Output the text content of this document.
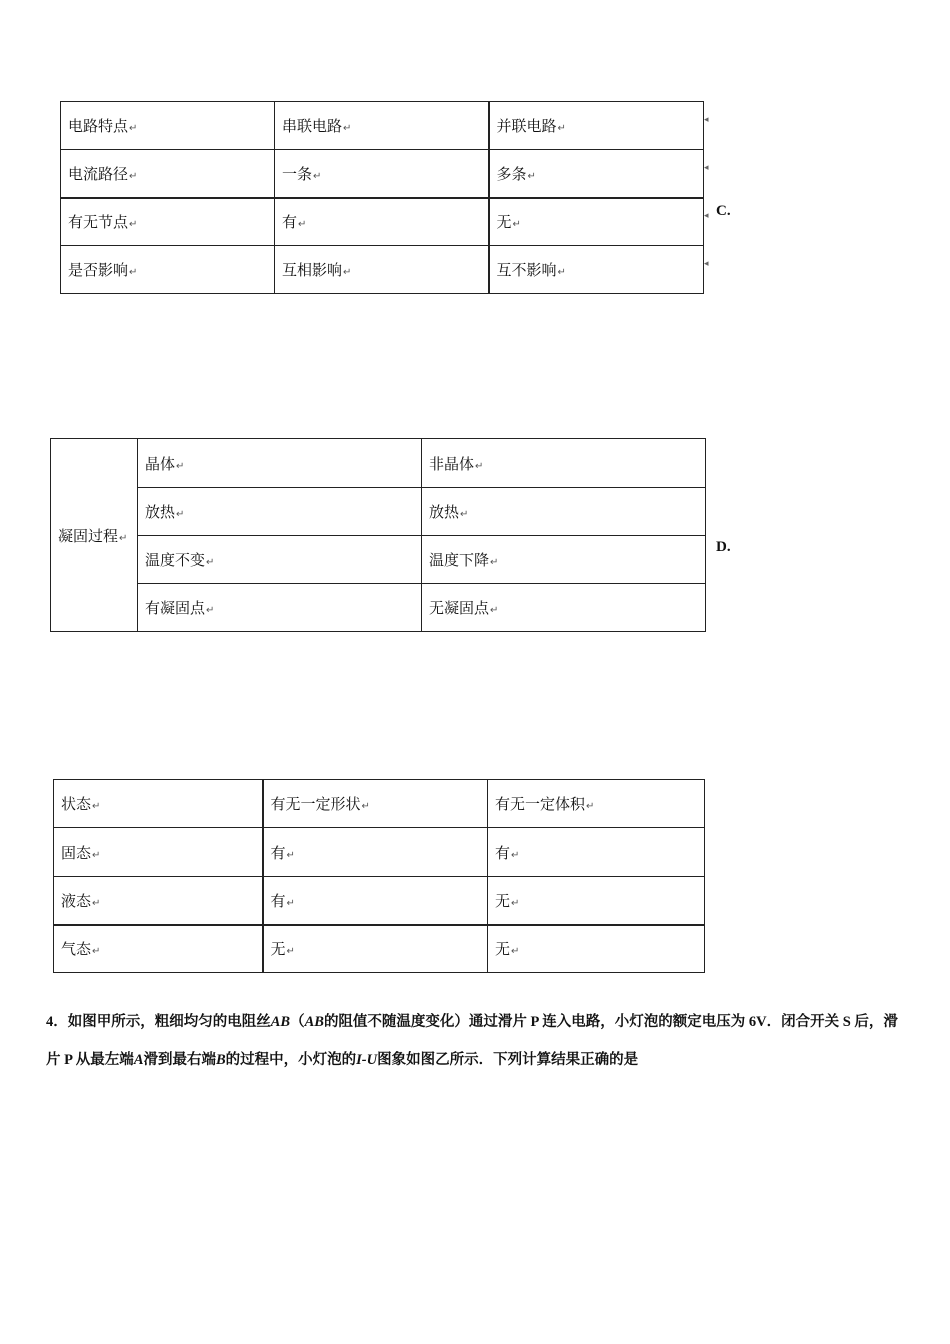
电路特点↵	串联电路↵	并联电路↵
电流路径↵	一条↵	多条↵
有无节点↵	有↵	无↵
是否影响↵	互相影响↵	互不影响↵
◂
◂
◂
◂
C.
凝固过程↵	晶体↵	非晶体↵
	放热↵	放热↵
	温度不变↵	温度下降↵
	有凝固点↵	无凝固点↵
D.
状态↵	有无一定形状↵	有无一定体积↵
固态↵	有↵	有↵
液态↵	有↵	无↵
气态↵	无↵	无↵
4．如图甲所示，粗细均匀的电阻丝AB（AB的阻值不随温度变化）通过滑片 P 连入电路，小灯泡的额定电压为 6V．闭合开关 S 后，滑片 P 从最左端A滑到最右端B的过程中，小灯泡的I-U图象如图乙所示．下列计算结果正确的是
